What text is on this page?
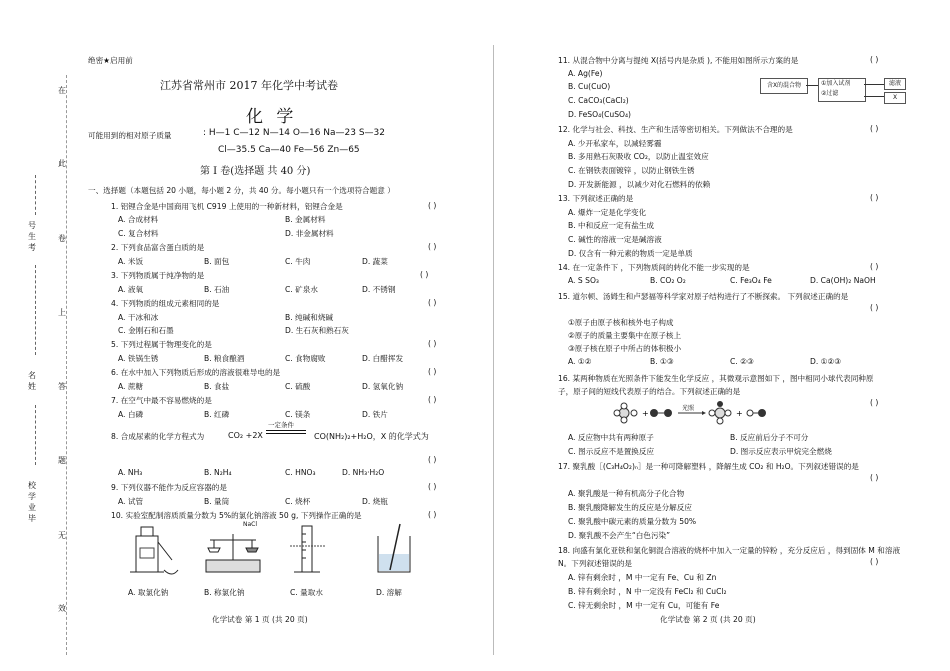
在
此
卷
上
答
题
无
效
号生考
名姓
校学业毕
绝密★启用前
江苏省常州市 2017 年化学中考试卷
化 学
可能用到的相对原子质量	: H—1 C—12 N—14 O—16 Na—23 S—32
Cl—35.5 Ca—40 Fe—56 Zn—65
第 I 卷(选择题 共 40 分)
一、选择题（本题包括 20 小题，每小题 2 分，共 40 分。每小题只有一个选项符合题意 ）
1. 铝锂合金是中国商用飞机 C919 上使用的一种新材料，铝锂合金是	( )
A. 合成材料	B. 金属材料
C. 复合材料	D. 非金属材料
2. 下列食品富含蛋白质的是	( )
A. 米饭	B. 面包	C. 牛肉	D. 蔬菜
3. 下列物质属于纯净物的是	( )
A. 液氧	B. 石油	C. 矿泉水	D. 不锈钢
4. 下列物质的组成元素相同的是	( )
A. 干冰和冰	B. 纯碱和烧碱
C. 金刚石和石墨	D. 生石灰和熟石灰
5. 下列过程属于物理变化的是	( )
A. 铁锅生锈	B. 粮食酿酒	C. 食物腐败	D. 白醋挥发
6. 在水中加入下列物质后形成的溶液很难导电的是	( )
A. 蔗糖	B. 食盐	C. 硫酸	D. 氢氧化钠
7. 在空气中最不容易燃烧的是	( )
A. 白磷	B. 红磷	C. 镁条	D. 铁片
8. 合成尿素的化学方程式为	CO₂ +2X
一定条件
CO(NH₂)₂+H₂O，X 的化学式为
( )
A. NH₃	B. N₂H₄	C. HNO₃	D. NH₃·H₂O
9. 下列仪器不能作为反应容器的是	( )
A. 试管	B. 量筒	C. 烧杯	D. 烧瓶
10. 实验室配制溶质质量分数为 5%的氯化钠溶液 50 g, 下列操作正确的是	( )
NaCl
A. 取氯化钠	B. 称氯化钠	C. 量取水	D. 溶解
化学试卷 第 1 页 (共 20 页)
11. 从混合物中分离与提纯 X(括号内是杂质 ), 不能用如图所示方案的是	( )
A. Ag(Fe)
B. Cu(CuO)
C. CaCO₃(CaCl₂)
D. FeSO₄(CuSO₄)
含X的混合物	①加入试剂
②过滤
滤液
X
12. 化学与社会、科技、生产和生活等密切相关。下列做法不合理的是	( )
A. 少开私家车，以减轻雾霾
B. 多用熟石灰吸收 CO₂，以防止温室效应
C. 在钢铁表面镀锌 ，以防止钢铁生锈
D. 开发新能源 ，以减少对化石燃料的依赖
13. 下列叙述正确的是	( )
A. 爆炸一定是化学变化
B. 中和反应一定有盐生成
C. 碱性的溶液一定是碱溶液
D. 仅含有一种元素的物质一定是单质
14. 在一定条件下 ，下列物质间的转化不能一步实现的是	( )
A. S SO₃	B. CO₂ O₂	C. Fe₃O₄ Fe	D. Ca(OH)₂ NaOH
15. 道尔顿、汤姆生和卢瑟福等科学家对原子结构进行了不断探索。 下列叙述正确的是
( )
①原子由原子核和核外电子构成
②原子的质量主要集中在原子核上
③原子核在原子中所占的体积极小
A. ①②	B. ①③	C. ②③	D. ①②③
16. 某两种物质在光照条件下能发生化学反应 ，其微观示意图如下 ，图中相同小球代表同种原子，原子间的短线代表原子的结合。下列叙述正确的是
( )
+
光照
+
A. 反应物中共有两种原子	B. 反应前后分子不可分
C. 图示反应不是置换反应	D. 图示反应表示甲烷完全燃烧
17. 聚乳酸［(C₃H₄O₂)ₙ］是一种可降解塑料 ，降解生成 CO₂ 和 H₂O。下列叙述错误的是
( )
A. 聚乳酸是一种有机高分子化合物
B. 聚乳酸降解发生的反应是分解反应
C. 聚乳酸中碳元素的质量分数为 50%
D. 聚乳酸不会产生“白色污染”
18. 向盛有氯化亚铁和氯化铜混合溶液的烧杯中加入一定量的锌粉 ，充分反应后 ，得到固体 M 和溶液 N。下列叙述错误的是	( )
A. 锌有剩余时 ，M 中一定有 Fe、Cu 和 Zn
B. 锌有剩余时 ，N 中一定没有 FeCl₂ 和 CuCl₂
C. 锌无剩余时 ，M 中一定有 Cu，可能有 Fe
化学试卷 第 2 页 (共 20 页)
